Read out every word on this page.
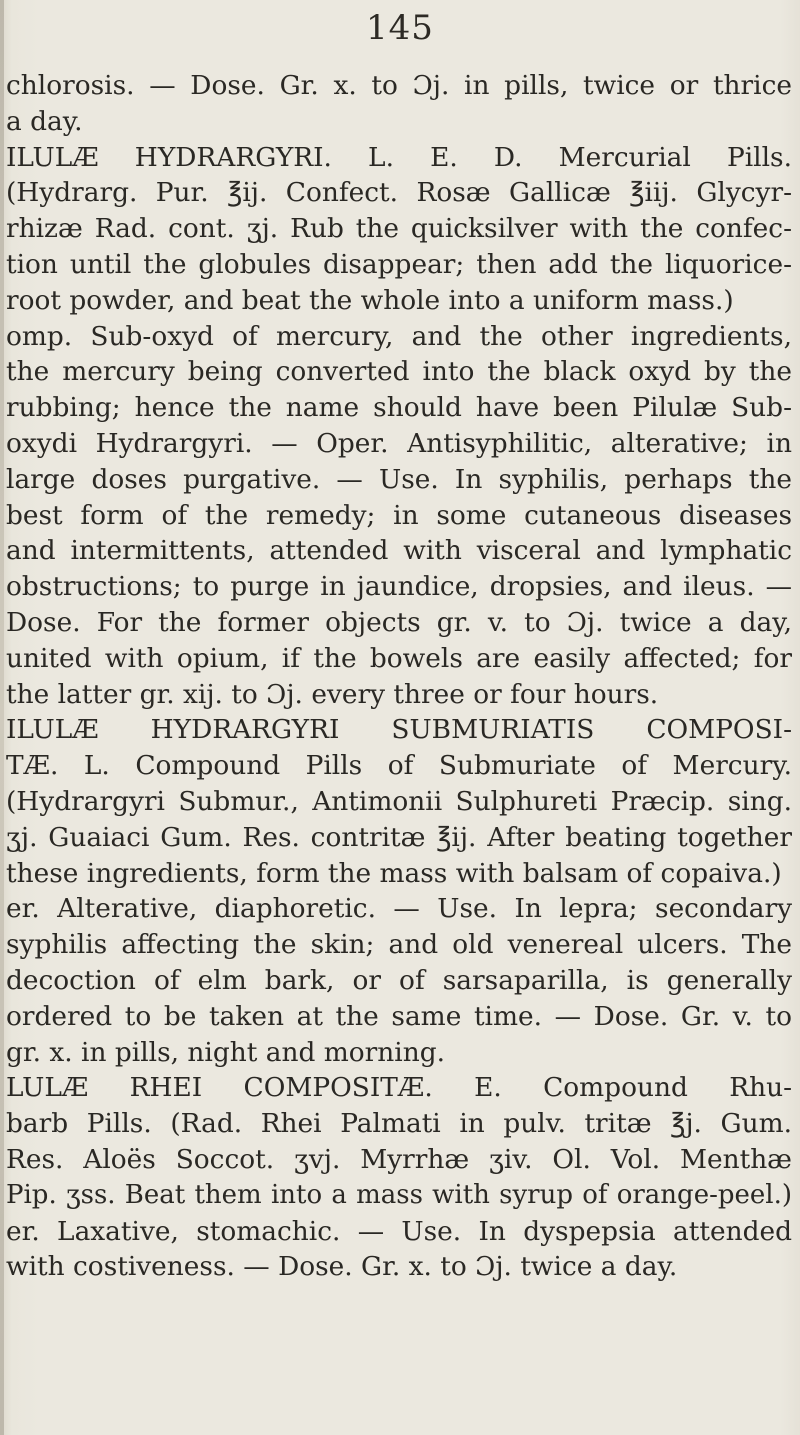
145
chlorosis. — Dose. Gr. x. to Ɔj. in pills, twice or thrice
a day.
ILULÆ HYDRARGYRI. L. E. D. Mercurial Pills.
(Hydrarg. Pur. ℥ij. Confect. Rosæ Gallicæ ℥iij. Glycyr-
rhizæ Rad. cont. ʒj. Rub the quicksilver with the confec-
tion until the globules disappear; then add the liquorice-
root powder, and beat the whole into a uniform mass.)
omp. Sub-oxyd of mercury, and the other ingredients,
the mercury being converted into the black oxyd by the
rubbing; hence the name should have been Pilulæ Sub-
oxydi Hydrargyri. — Oper. Antisyphilitic, alterative; in
large doses purgative. — Use. In syphilis, perhaps the
best form of the remedy; in some cutaneous diseases
and intermittents, attended with visceral and lymphatic
obstructions; to purge in jaundice, dropsies, and ileus. —
Dose. For the former objects gr. v. to Ɔj. twice a day,
united with opium, if the bowels are easily affected; for
the latter gr. xij. to Ɔj. every three or four hours.
ILULÆ HYDRARGYRI SUBMURIATIS COMPOSI-
TÆ. L. Compound Pills of Submuriate of Mercury.
(Hydrargyri Submur., Antimonii Sulphureti Præcip. sing.
ʒj. Guaiaci Gum. Res. contritæ ℥ij. After beating together
these ingredients, form the mass with balsam of copaiva.)
er. Alterative, diaphoretic. — Use. In lepra; secondary
syphilis affecting the skin; and old venereal ulcers. The
decoction of elm bark, or of sarsaparilla, is generally
ordered to be taken at the same time. — Dose. Gr. v. to
gr. x. in pills, night and morning.
LULÆ RHEI COMPOSITÆ. E. Compound Rhu-
barb Pills. (Rad. Rhei Palmati in pulv. tritæ ℥j. Gum.
Res. Aloës Soccot. ʒvj. Myrrhæ ʒiv. Ol. Vol. Menthæ
Pip. ʒss. Beat them into a mass with syrup of orange-peel.)
er. Laxative, stomachic. — Use. In dyspepsia attended
with costiveness. — Dose. Gr. x. to Ɔj. twice a day.
